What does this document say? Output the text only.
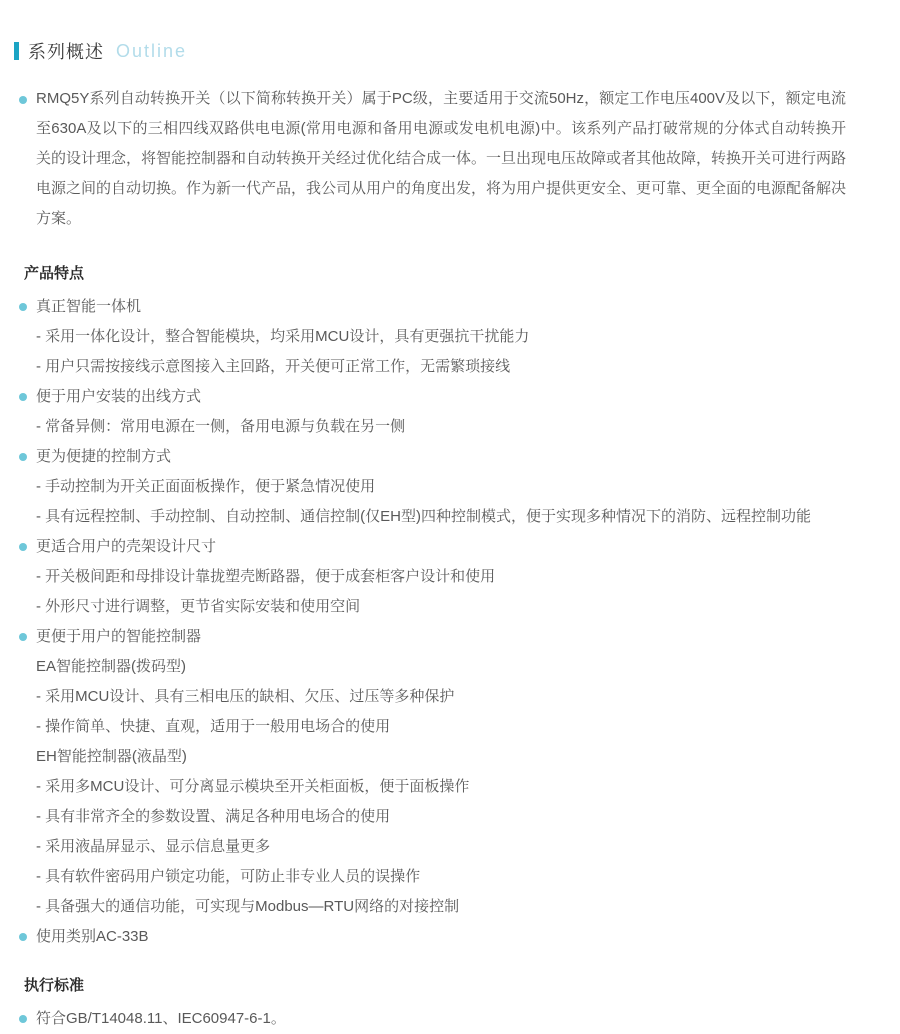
系列概述 Outline
RMQ5Y系列自动转换开关（以下简称转换开关）属于PC级，主要适用于交流50Hz，额定工作电压400V及以下，额定电流至630A及以下的三相四线双路供电电源(常用电源和备用电源或发电机电源)中。该系列产品打破常规的分体式自动转换开关的设计理念，将智能控制器和自动转换开关经过优化结合成一体。一旦出现电压故障或者其他故障，转换开关可进行两路电源之间的自动切换。作为新一代产品，我公司从用户的角度出发，将为用户提供更安全、更可靠、更全面的电源配备解决方案。
产品特点
真正智能一体机
- 采用一体化设计，整合智能模块，均采用MCU设计，具有更强抗干扰能力
- 用户只需按接线示意图接入主回路，开关便可正常工作，无需繁琐接线
便于用户安装的出线方式
- 常备异侧：常用电源在一侧，备用电源与负载在另一侧
更为便捷的控制方式
- 手动控制为开关正面面板操作，便于紧急情况使用
- 具有远程控制、手动控制、自动控制、通信控制(仅EH型)四种控制模式，便于实现多种情况下的消防、远程控制功能
更适合用户的壳架设计尺寸
- 开关极间距和母排设计靠拢塑壳断路器，便于成套柜客户设计和使用
- 外形尺寸进行调整，更节省实际安装和使用空间
更便于用户的智能控制器
EA智能控制器(拨码型)
- 采用MCU设计、具有三相电压的缺相、欠压、过压等多种保护
- 操作简单、快捷、直观，适用于一般用电场合的使用
EH智能控制器(液晶型)
- 采用多MCU设计、可分离显示模块至开关柜面板，便于面板操作
- 具有非常齐全的参数设置、满足各种用电场合的使用
- 采用液晶屏显示、显示信息量更多
- 具有软件密码用户锁定功能，可防止非专业人员的误操作
- 具备强大的通信功能，可实现与Modbus—RTU网络的对接控制
使用类别AC-33B
执行标准
符合GB/T14048.11、IEC60947-6-1。
